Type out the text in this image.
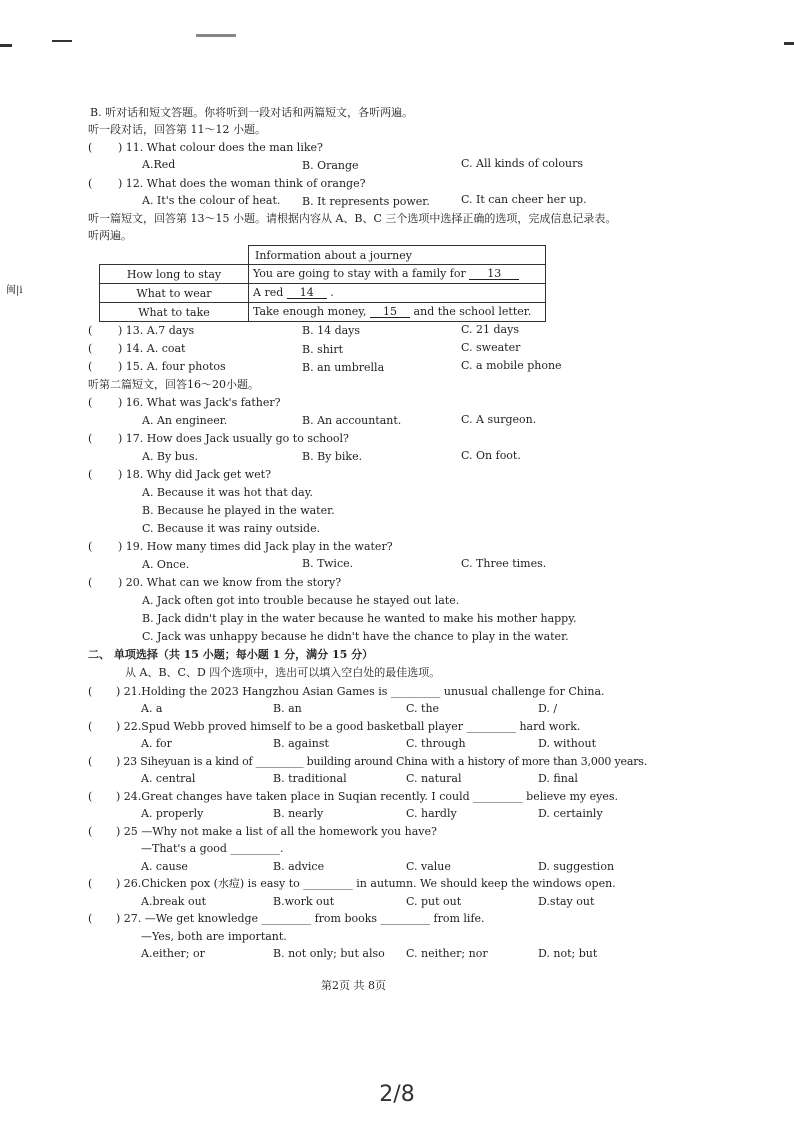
闽|i
B. 听对话和短文答题。你将听到一段对话和两篇短文，各听两遍。
听一段对话，回答第 11～12 小题。
( ) 11. What colour does the man like?
A.Red	B. Orange	C. All kinds of colours
( ) 12. What does the woman think of orange?
A. It's the colour of heat. B. It represents power.	C. It can cheer her up.
听一篇短文，回答第 13～15 小题。请根据内容从 A、B、C 三个选项中选择正确的选项，完成信息记录表。
听两遍。
	Information about a journey
How long to stay	You are going to stay with a family for 13
What to wear	A red 14 .
What to take	Take enough money, 15 and the school letter.
( ) 13. A.7 days	B. 14 days	C. 21 days
( ) 14. A. coat	B. shirt	C. sweater
( ) 15. A. four photos	B. an umbrella	C. a mobile phone
听第二篇短文，回答16～20小题。
( ) 16. What was Jack's father?
A. An engineer.	B. An accountant.	C. A surgeon.
( ) 17. How does Jack usually go to school?
A. By bus.	B. By bike.	C. On foot.
( ) 18. Why did Jack get wet?
A. Because it was hot that day.
B. Because he played in the water.
C. Because it was rainy outside.
( ) 19. How many times did Jack play in the water?
A. Once.	B. Twice.	C. Three times.
( ) 20. What can we know from the story?
A. Jack often got into trouble because he stayed out late.
B. Jack didn't play in the water because he wanted to make his mother happy.
C. Jack was unhappy because he didn't have the chance to play in the water.
二、 单项选择（共 15 小题；每小题 1 分，满分 15 分）
从 A、B、C、D 四个选项中，选出可以填入空白处的最佳选项。
( ) 21.Holding the 2023 Hangzhou Asian Games is _________ unusual challenge for China.
A. a	B. an	C. the	D. /
( ) 22.Spud Webb proved himself to be a good basketball player _________ hard work.
A. for	B. against	C. through	D. without
( ) 23 Siheyuan is a kind of _________ building around China with a history of more than 3,000 years.
A. central	B. traditional	C. natural	D. final
( ) 24.Great changes have taken place in Suqian recently. I could _________ believe my eyes.
A. properly	B. nearly	C. hardly	D. certainly
( ) 25 —Why not make a list of all the homework you have?
—That's a good _________.
A. cause	B. advice	C. value	D. suggestion
( ) 26.Chicken pox (水痘) is easy to _________ in autumn. We should keep the windows open.
A.break out	B.work out	C. put out	D.stay out
( ) 27. —We get knowledge _________ from books _________ from life.
—Yes, both are important.
A.either; or	B. not only; but also C. neither; nor	D. not; but
第2页 共 8页
2/8
